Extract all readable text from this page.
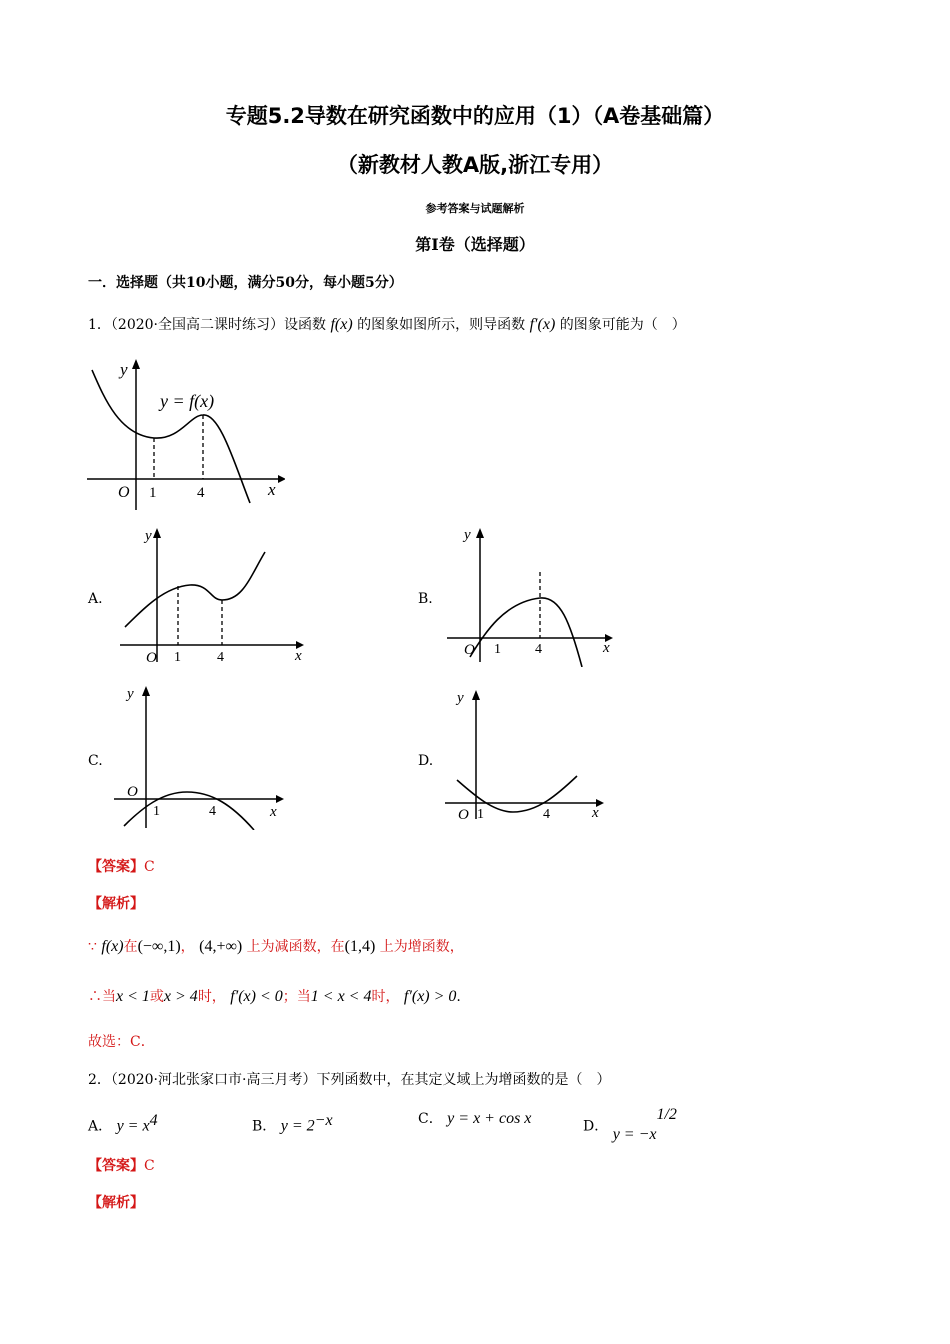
专题5.2导数在研究函数中的应用（1）（A卷基础篇）
（新教材人教A版,浙江专用）
参考答案与试题解析
第Ⅰ卷（选择题）
一．选择题（共10小题，满分50分，每小题5分）
1．（2020·全国高二课时练习）设函数 f(x) 的图象如图所示，则导函数 f′(x) 的图象可能为（　）
y
x
O 1	4
y = f(x)
A.
y
x
O 1	4
B.
y
x
O 1 4
C.
y
x
O
1	4
D.
y
x
O 1	4
【答案】C
【解析】
∵ f(x)在(−∞,1)， (4,+∞) 上为减函数，在(1,4) 上为增函数，
∴当x < 1或x > 4时， f′(x) < 0；当1 < x < 4时， f′(x) > 0.
故选：C．
2．（2020·河北张家口市·高三月考）下列函数中，在其定义域上为增函数的是（　）
A． $y = x^4$	B． $y = 2^{-x}$	C． y = x + cos x	D． $y = -x^{1/2}$
【答案】C
【解析】
